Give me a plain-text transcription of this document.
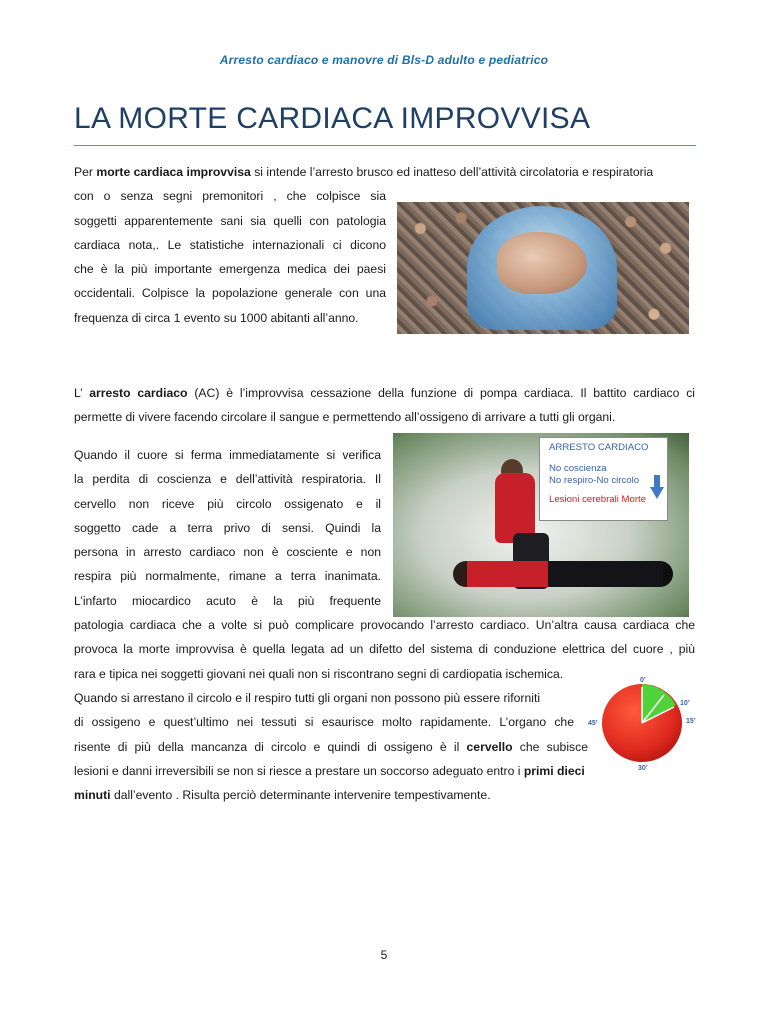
Arresto cardiaco e manovre di Bls-D adulto e pediatrico
LA MORTE CARDIACA IMPROVVISA
Per morte cardiaca improvvisa si intende l’arresto brusco ed inatteso dell’attività circolatoria e respiratoria
con o senza segni premonitori , che colpisce sia
soggetti apparentemente sani sia quelli con patologia
cardiaca nota,. Le statistiche internazionali ci dicono
che è la più importante emergenza medica dei paesi
occidentali. Colpisce la popolazione generale con una
frequenza di circa 1 evento su 1000 abitanti all’anno.
L’ arresto cardiaco (AC) è l’improvvisa cessazione della funzione di pompa cardiaca. Il battito cardiaco ci
permette di vivere facendo circolare il sangue e permettendo all’ossigeno di arrivare a tutti gli organi.
Quando il cuore si ferma immediatamente si verifica
la perdita di coscienza e dell’attività respiratoria. Il
cervello non riceve più circolo ossigenato e il
soggetto cade a terra privo di sensi. Quindi la
persona in arresto cardiaco non è cosciente e non
respira più normalmente, rimane a terra inanimata.
L’infarto miocardico acuto è la più frequente
patologia cardiaca che a volte si può complicare provocando l’arresto cardiaco. Un’altra causa cardiaca che
provoca la morte improvvisa è quella legata ad un difetto del sistema di conduzione elettrica del cuore , più
rara e tipica nei soggetti giovani nei quali non si riscontrano segni di cardiopatia ischemica.
ARRESTO CARDIACO
No coscienza
No respiro-No circolo
Lesioni cerebrali Morte
Quando si arrestano il circolo e il respiro tutti gli organi non possono più essere riforniti
di ossigeno e quest’ultimo nei tessuti si esaurisce molto rapidamente. L’organo che
risente di più della mancanza di circolo e quindi di ossigeno è il cervello che subisce
lesioni e danni irreversibili se non si riesce a prestare un soccorso adeguato entro i primi dieci
minuti dall’evento . Risulta perciò determinante intervenire tempestivamente.
0’
10’
15’
30’
45’
5
